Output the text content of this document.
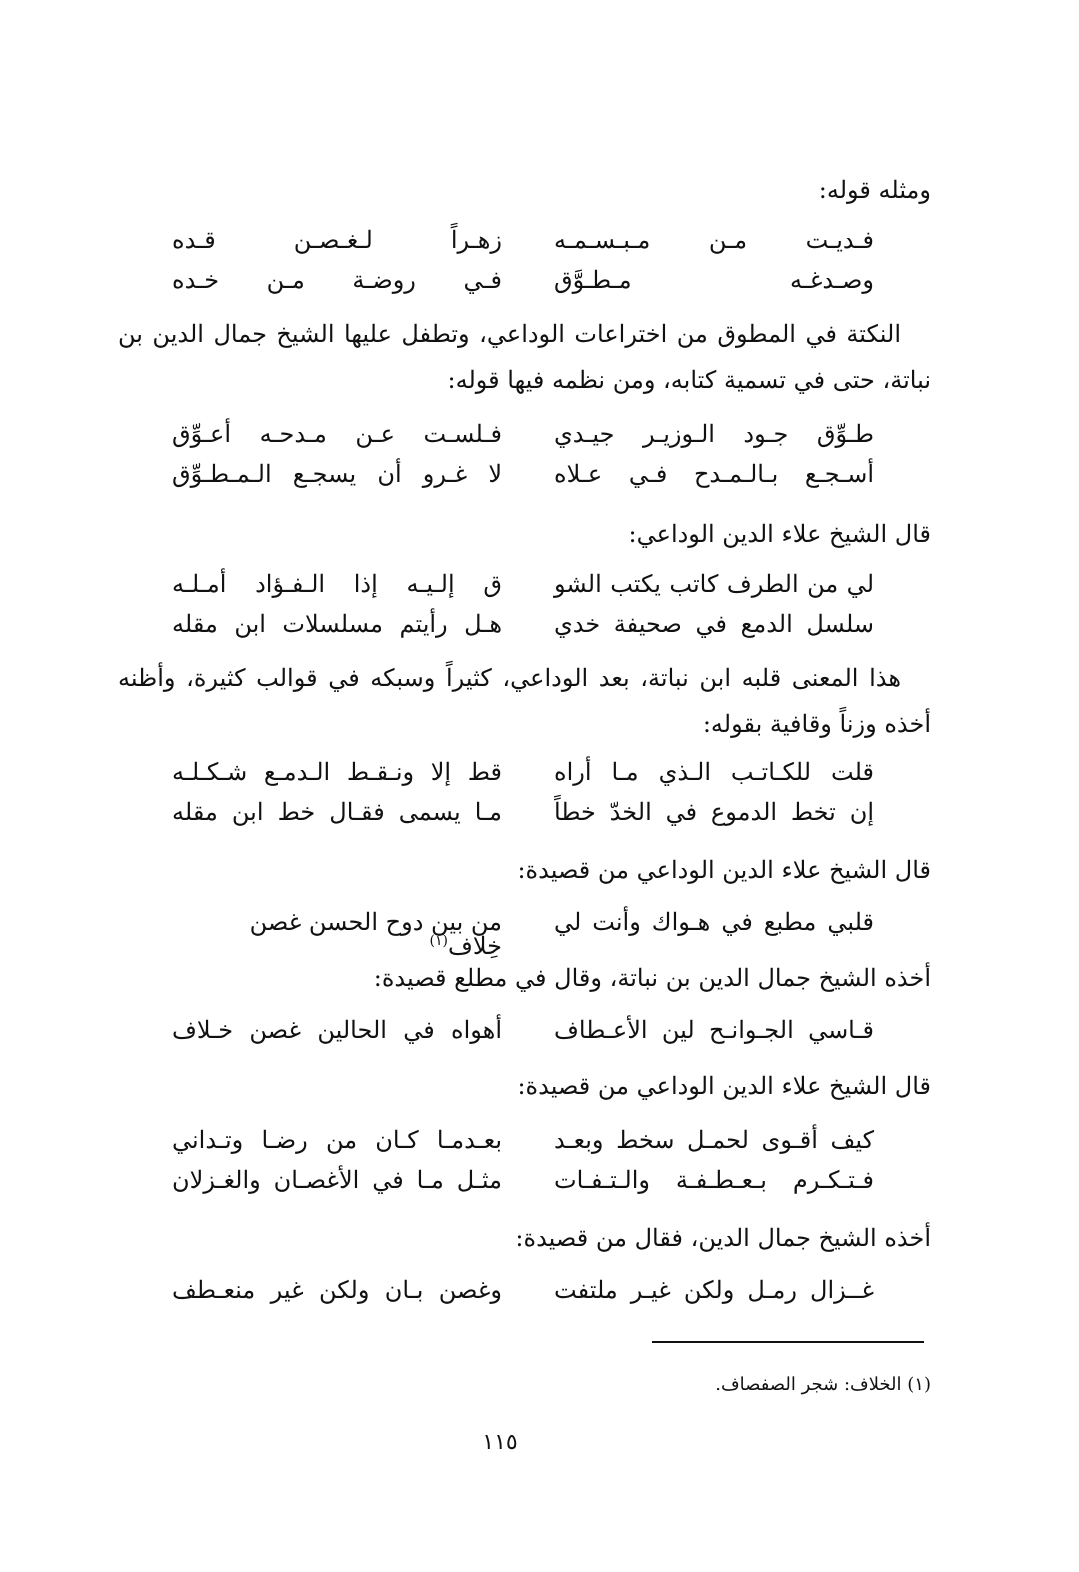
(١) الخلاف: شجر الصفصاف.
١١٥
ومثله قوله:
فـديـت مـن مـبـسـمـه
زهـراً لـغـصـن قـده
وصـدغـه مـطـوَّق
فـي روضـة مـن خـده
النكتة في المطوق من اختراعات الوداعي، وتطفل عليها الشيخ جمال الدين بن
نباتة، حتى في تسمية كتابه، ومن نظمه فيها قوله:
طـوِّق جـود الـوزيـر جيـدي
فـلسـت عـن مـدحـه أعـوِّق
أسـجـع بـالـمـدح فـي عـلاه
لا غـرو أن يسجـع الـمـطـوِّق
قال الشيخ علاء الدين الوداعي:
لي من الطرف كاتب يكتب الشو
ق إلـيـه إذا الـفـؤاد أمـلـه
سلسل الدمع في صحيفة خدي
هـل رأيتم مسلسلات ابن مقله
هذا المعنى قلبه ابن نباتة، بعد الوداعي، كثيراً وسبكه في قوالب كثيرة، وأظنه
أخذه وزناً وقافية بقوله:
قلت للكـاتـب الـذي مـا أراه
قط إلا ونـقـط الـدمـع شـكـلـه
إن تخط الدموع في الخدّ خطاً
مـا يسمى فقـال خط ابن مقله
قال الشيخ علاء الدين الوداعي من قصيدة:
قلبي مطبع في هـواك وأنت لي
من بين دوح الحسن غصن خِلاف$^{(١)}$
أخذه الشيخ جمال الدين بن نباتة، وقال في مطلع قصيدة:
قـاسي الجـوانـح لين الأعـطاف
أهواه في الحالين غصن خـلاف
قال الشيخ علاء الدين الوداعي من قصيدة:
كيف أقـوى لحمـل سخط وبعـد
بعـدمـا كـان من رضـا وتـداني
فـتـكـرم بـعـطـفـة والـتـفـات
مثـل مـا في الأغصـان والغـزلان
أخذه الشيخ جمال الدين، فقال من قصيدة:
غــزال رمـل ولكن غيـر ملتفت
وغصن بـان ولكن غير منعـطف
